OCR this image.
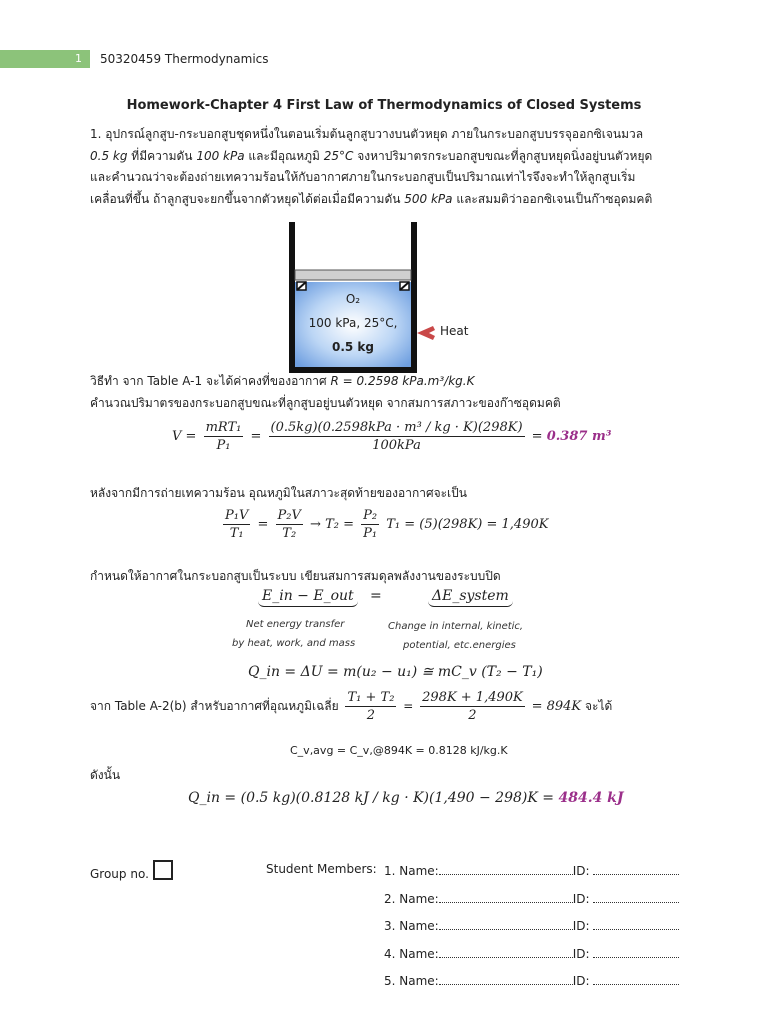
1	50320459 Thermodynamics
Homework-Chapter 4 First Law of Thermodynamics of Closed Systems
1. อุปกรณ์ลูกสูบ-กระบอกสูบชุดหนึ่งในตอนเริ่มต้นลูกสูบวางบนตัวหยุด ภายในกระบอกสูบบรรจุออกซิเจนมวล
0.5 kg ที่มีความดัน 100 kPa และมีอุณหภูมิ 25°C จงหาปริมาตรกระบอกสูบขณะที่ลูกสูบหยุดนิ่งอยู่บนตัวหยุด
และคำนวณว่าจะต้องถ่ายเทความร้อนให้กับอากาศภายในกระบอกสูบเป็นปริมาณเท่าไรจึงจะทำให้ลูกสูบเริ่ม
เคลื่อนที่ขึ้น ถ้าลูกสูบจะยกขึ้นจากตัวหยุดได้ต่อเมื่อมีความดัน 500 kPa และสมมติว่าออกซิเจนเป็นก๊าซอุดมคติ
O₂
100 kPa, 25°C,
0.5 kg
Heat
วิธีทำ จาก Table A-1 จะได้ค่าคงที่ของอากาศ R = 0.2598 kPa.m³/kg.K
คำนวณปริมาตรของกระบอกสูบขณะที่ลูกสูบอยู่บนตัวหยุด จากสมการสภาวะของก๊าซอุดมคติ
$V = \frac{\text{mRT₁}}{\text{P₁}} = \frac{\text{(0.5kg)(0.2598kPa · m³ / kg · K)(298K)}}{\text{100kPa}} = 0.387$ m³
หลังจากมีการถ่ายเทความร้อน อุณหภูมิในสภาวะสุดท้ายของอากาศจะเป็น
$\frac{\text{P₁V}}{\text{T₁}} = \frac{\text{P₂V}}{\text{T₂}} \to T_2 = \frac{\text{P₂}}{\text{P₁}} T_1 = (5)(298K) = 1,490K$
กำหนดให้อากาศในกระบอกสูบเป็นระบบ เขียนสมการสมดุลพลังงานของระบบปิด
E_in − E_out =	ΔE_system
Net energy transfer
by heat, work, and mass
Change in internal, kinetic,
potential, etc.energies
Q_in = ΔU = m(u₂ − u₁) ≅ mC_v (T₂ − T₁)
จาก Table A-2(b) สำหรับอากาศที่อุณหภูมิเฉลี่ย $\frac{\text{T₁ + T₂}}{2} = \frac{298K + 1,490K}{2} = 894K$ จะได้
C_v,avg = C_v,@894K = 0.8128 kJ/kg.K
ดังนั้น
Q_in = (0.5 kg)(0.8128 kJ / kg · K)(1,490 − 298)K = 484.4 kJ
Group no.	Student Members: 1. Name:	ID:
2. Name:	ID:
3. Name:	ID:
4. Name:	ID:
5. Name:	ID:
